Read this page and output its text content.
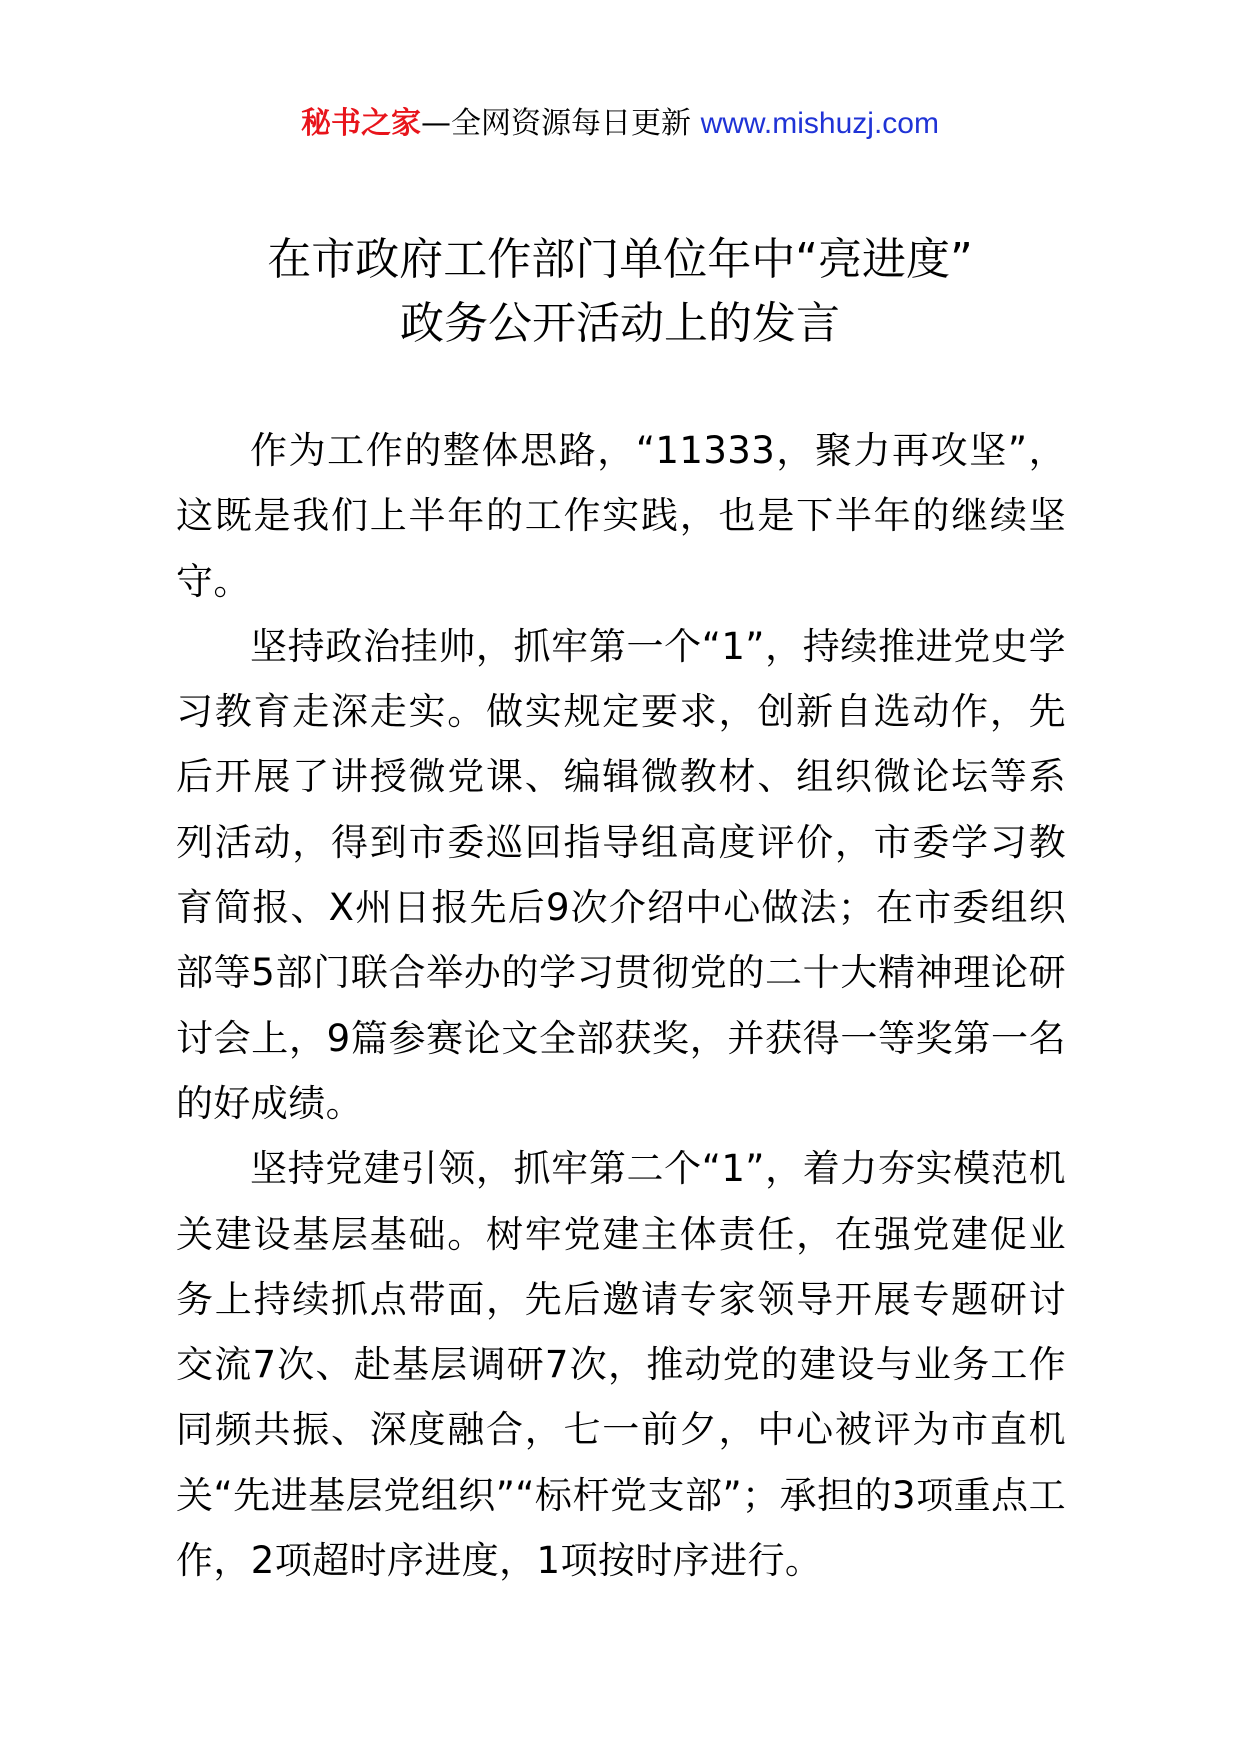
秘书之家—全网资源每日更新 www.mishuzj.com
在市政府工作部门单位年中“亮进度”
政务公开活动上的发言

作为工作的整体思路，“11333，聚力再攻坚”，这既是我们上半年的工作实践，也是下半年的继续坚守。

坚持政治挂帅，抓牢第一个“1”，持续推进党史学习教育走深走实。做实规定要求，创新自选动作，先后开展了讲授微党课、编辑微教材、组织微论坛等系列活动，得到市委巡回指导组高度评价，市委学习教育简报、X州日报先后9次介绍中心做法；在市委组织部等5部门联合举办的学习贯彻党的二十大精神理论研讨会上，9篇参赛论文全部获奖，并获得一等奖第一名的好成绩。

坚持党建引领，抓牢第二个“1”，着力夯实模范机关建设基层基础。树牢党建主体责任，在强党建促业务上持续抓点带面，先后邀请专家领导开展专题研讨交流7次、赴基层调研7次，推动党的建设与业务工作同频共振、深度融合，七一前夕，中心被评为市直机关“先进基层党组织”“标杆党支部”；承担的3项重点工作，2项超时序进度，1项按时序进行。
